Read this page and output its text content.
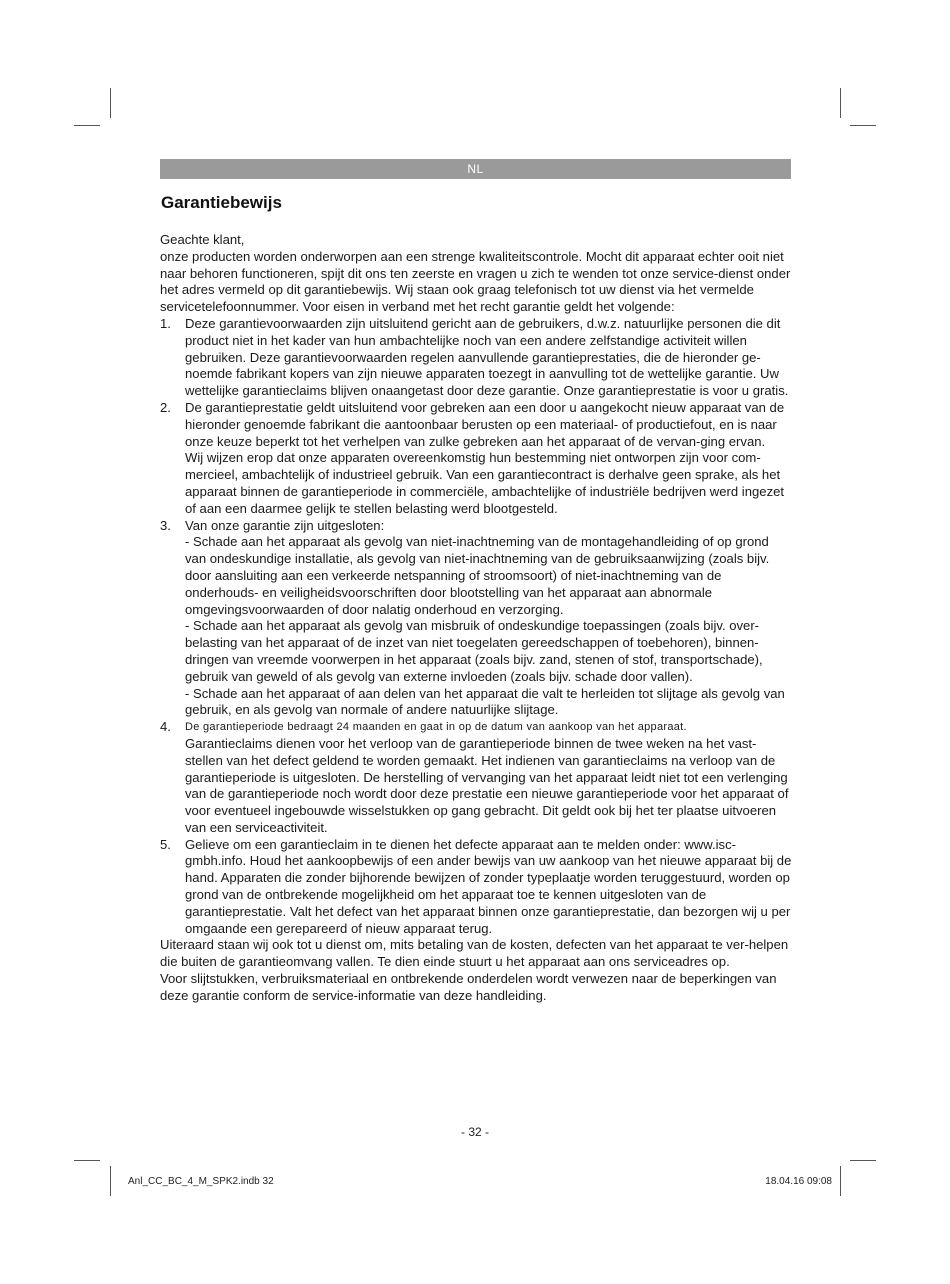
NL
Garantiebewijs

Geachte klant,

onze producten worden onderworpen aan een strenge kwaliteitscontrole. Mocht dit apparaat echter ooit niet naar behoren functioneren, spijt dit ons ten zeerste en vragen u zich te wenden tot onze service-dienst onder het adres vermeld op dit garantiebewijs. Wij staan ook graag telefonisch tot uw dienst via het vermelde servicetelefoonnummer. Voor eisen in verband met het recht garantie geldt het volgende:

1. Deze garantievoorwaarden zijn uitsluitend gericht aan de gebruikers, d.w.z. natuurlijke personen die dit product niet in het kader van hun ambachtelijke noch van een andere zelfstandige activiteit willen gebruiken. Deze garantievoorwaarden regelen aanvullende garantieprestaties, die de hieronder ge-noemde fabrikant kopers van zijn nieuwe apparaten toezegt in aanvulling tot de wettelijke garantie. Uw wettelijke garantieclaims blijven onaangetast door deze garantie. Onze garantieprestatie is voor u gratis.

2. De garantieprestatie geldt uitsluitend voor gebreken aan een door u aangekocht nieuw apparaat van de hieronder genoemde fabrikant die aantoonbaar berusten op een materiaal- of productiefout, en is naar onze keuze beperkt tot het verhelpen van zulke gebreken aan het apparaat of de vervan-ging ervan.

Wij wijzen erop dat onze apparaten overeenkomstig hun bestemming niet ontworpen zijn voor com-mercieel, ambachtelijk of industrieel gebruik. Van een garantiecontract is derhalve geen sprake, als het apparaat binnen de garantieperiode in commerciële, ambachtelijke of industriële bedrijven werd ingezet of aan een daarmee gelijk te stellen belasting werd blootgesteld.

3. Van onze garantie zijn uitgesloten:

- Schade aan het apparaat als gevolg van niet-inachtneming van de montagehandleiding of op grond van ondeskundige installatie, als gevolg van niet-inachtneming van de gebruiksaanwijzing (zoals bijv. door aansluiting aan een verkeerde netspanning of stroomsoort) of niet-inachtneming van de onderhouds- en veiligheidsvoorschriften door blootstelling van het apparaat aan abnormale omgevingsvoorwaarden of door nalatig onderhoud en verzorging.

- Schade aan het apparaat als gevolg van misbruik of ondeskundige toepassingen (zoals bijv. over-belasting van het apparaat of de inzet van niet toegelaten gereedschappen of toebehoren), binnen-dringen van vreemde voorwerpen in het apparaat (zoals bijv. zand, stenen of stof, transportschade), gebruik van geweld of als gevolg van externe invloeden (zoals bijv. schade door vallen).

- Schade aan het apparaat of aan delen van het apparaat die valt te herleiden tot slijtage als gevolg van gebruik, en als gevolg van normale of andere natuurlijke slijtage.

4. De garantieperiode bedraagt 24 maanden en gaat in op de datum van aankoop van het apparaat.

Garantieclaims dienen voor het verloop van de garantieperiode binnen de twee weken na het vast-stellen van het defect geldend te worden gemaakt. Het indienen van garantieclaims na verloop van de garantieperiode is uitgesloten. De herstelling of vervanging van het apparaat leidt niet tot een verlenging van de garantieperiode noch wordt door deze prestatie een nieuwe garantieperiode voor het apparaat of voor eventueel ingebouwde wisselstukken op gang gebracht. Dit geldt ook bij het ter plaatse uitvoeren van een serviceactiviteit.

5. Gelieve om een garantieclaim in te dienen het defecte apparaat aan te melden onder: www.isc-gmbh.info. Houd het aankoopbewijs of een ander bewijs van uw aankoop van het nieuwe apparaat bij de hand. Apparaten die zonder bijhorende bewijzen of zonder typeplaatje worden teruggestuurd, worden op grond van de ontbrekende mogelijkheid om het apparaat toe te kennen uitgesloten van de garantieprestatie. Valt het defect van het apparaat binnen onze garantieprestatie, dan bezorgen wij u per omgaande een gerepareerd of nieuw apparaat terug.

Uiteraard staan wij ook tot u dienst om, mits betaling van de kosten, defecten van het apparaat te ver-helpen die buiten de garantieomvang vallen. Te dien einde stuurt u het apparaat aan ons serviceadres op.

Voor slijtstukken, verbruiksmateriaal en ontbrekende onderdelen wordt verwezen naar de beperkingen van deze garantie conform de service-informatie van deze handleiding.

- 32 -
Anl_CC_BC_4_M_SPK2.indb 32	18.04.16 09:08
